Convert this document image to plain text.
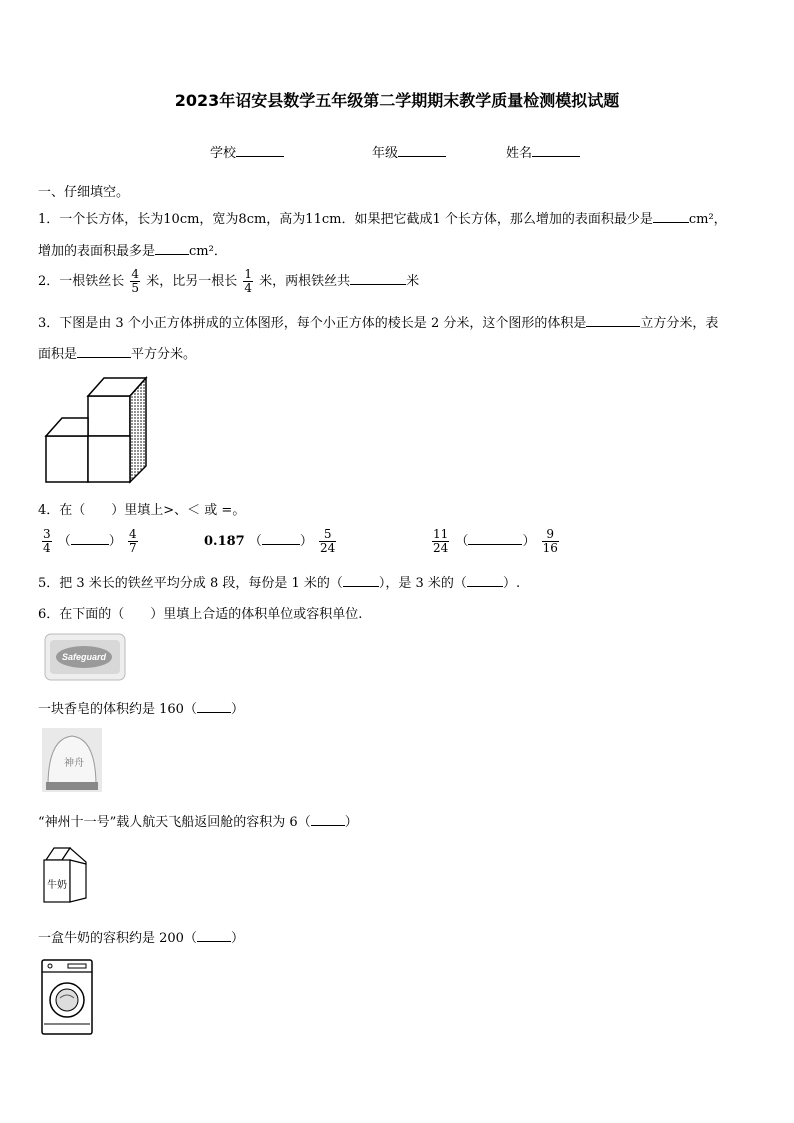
2023年诏安县数学五年级第二学期期末教学质量检测模拟试题
学校	年级	姓名
一、仔细填空。
1．一个长方体，长为10cm，宽为8cm，高为11cm．如果把它截成1 个长方体，那么增加的表面积最少是	cm²，
增加的表面积最多是	cm²．
2．一根铁丝长 $\frac{4}{5}$ 米，比另一根长 $\frac{1}{4}$ 米，两根铁丝共	米
3．下图是由 3 个小正方体拼成的立体图形，每个小正方体的棱长是 2 分米，这个图形的体积是	立方分米，表
面积是	平方分米。
4．在（　　）里填上>、＜ 或 =。
$\frac{3}{4}$ （	） $\frac{4}{7}$	0.187 （	） $\frac{5}{24}$	$\frac{11}{24}$ （	） $\frac{9}{16}$
5．把 3 米长的铁丝平均分成 8 段，每份是 1 米的（	），是 3 米的（	）.
6．在下面的（　　）里填上合适的体积单位或容积单位.
Safeguard
一块香皂的体积约是 160（	）
神舟
“神州十一号”载人航天飞船返回舱的容积为 6（	）
牛奶
一盒牛奶的容积约是 200（	）
